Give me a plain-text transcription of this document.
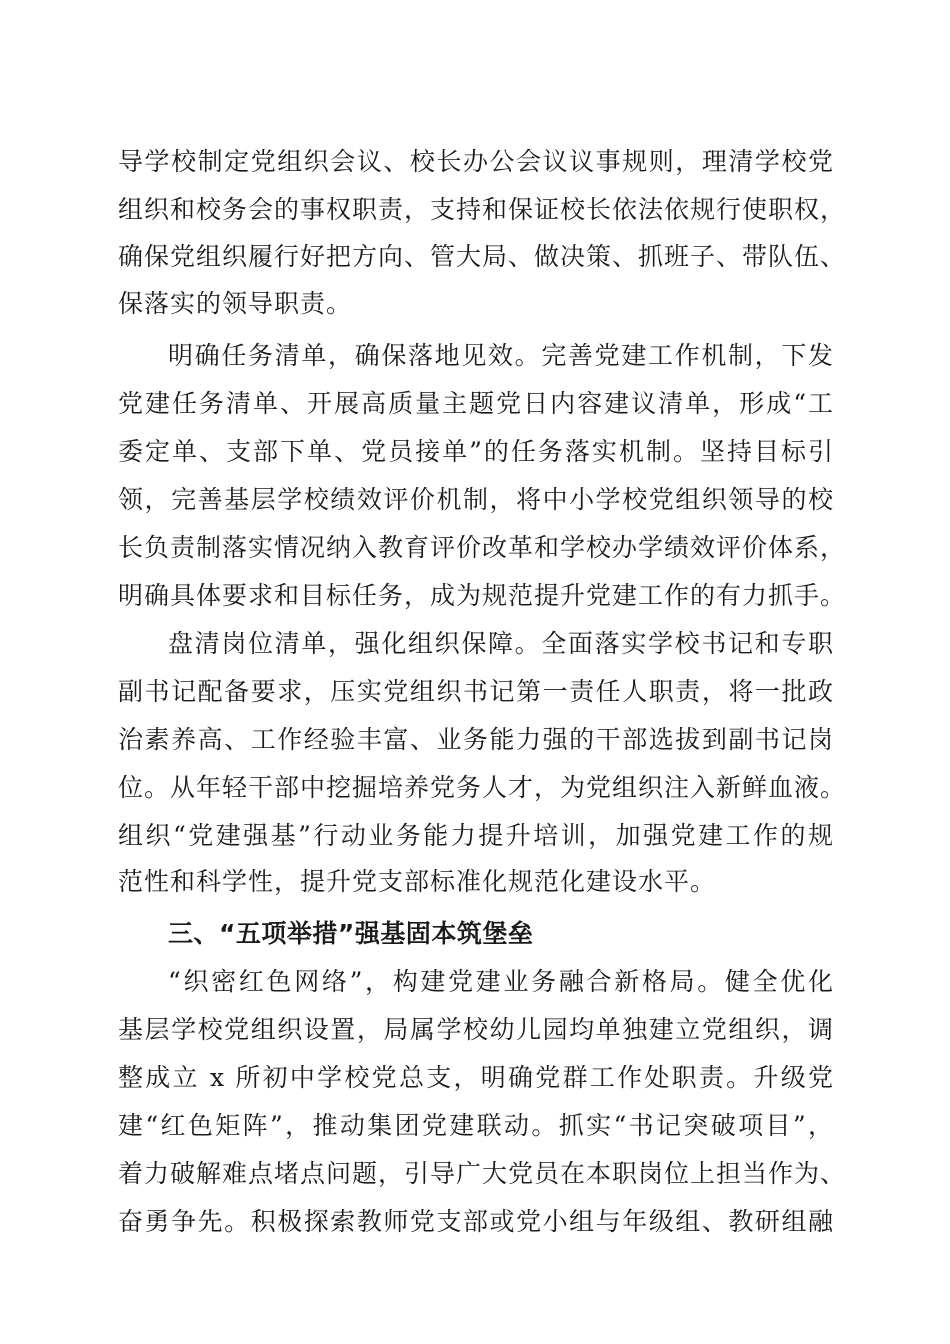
导学校制定党组织会议、校长办公会议议事规则，理清学校党
组织和校务会的事权职责，支持和保证校长依法依规行使职权，
确保党组织履行好把方向、管大局、做决策、抓班子、带队伍、
保落实的领导职责。
明确任务清单，确保落地见效。完善党建工作机制，下发
党建任务清单、开展高质量主题党日内容建议清单，形成“工
委定单、支部下单、党员接单”的任务落实机制。坚持目标引
领，完善基层学校绩效评价机制，将中小学校党组织领导的校
长负责制落实情况纳入教育评价改革和学校办学绩效评价体系，
明确具体要求和目标任务，成为规范提升党建工作的有力抓手。
盘清岗位清单，强化组织保障。全面落实学校书记和专职
副书记配备要求，压实党组织书记第一责任人职责，将一批政
治素养高、工作经验丰富、业务能力强的干部选拔到副书记岗
位。从年轻干部中挖掘培养党务人才，为党组织注入新鲜血液。
组织“党建强基”行动业务能力提升培训，加强党建工作的规
范性和科学性，提升党支部标准化规范化建设水平。
三、“五项举措”强基固本筑堡垒
“织密红色网络”，构建党建业务融合新格局。健全优化
基层学校党组织设置，局属学校幼儿园均单独建立党组织，调
整成立 x 所初中学校党总支，明确党群工作处职责。升级党
建“红色矩阵”，推动集团党建联动。抓实“书记突破项目”，
着力破解难点堵点问题，引导广大党员在本职岗位上担当作为、
奋勇争先。积极探索教师党支部或党小组与年级组、教研组融
